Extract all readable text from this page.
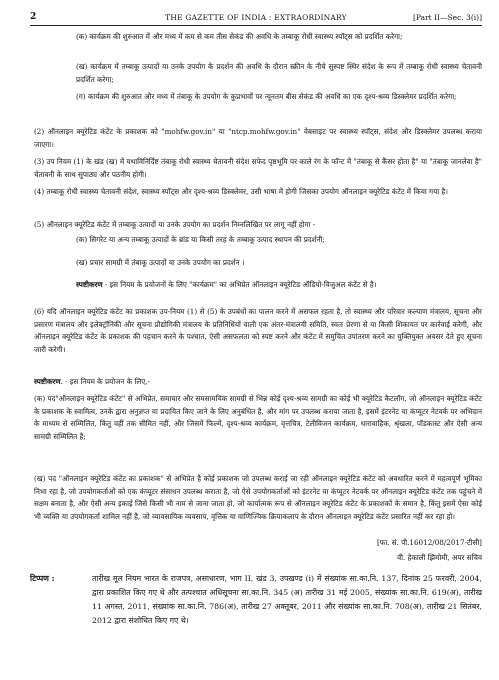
2	THE GAZETTE OF INDIA : EXTRAORDINARY	[Part II—Sec. 3(i)]

(क) कार्यक्रम की शुरुआत में और मध्य में कम से कम तीस सेकंड की अवधि के तम्बाकू रोधी स्वास्थ्य स्पॉट्स को प्रदर्शित करेगा;

(ख) कार्यक्रम में तम्बाकू उत्पादों या उनके उपयोग के प्रदर्शन की अवधि के दौरान स्क्रीन के नीचे सुस्पष्ट स्थिर संदेश के रूप में तम्बाकू रोधी स्वास्थ्य चेतावनी प्रदर्शित करेगा;

(ग) कार्यक्रम की शुरुआत और मध्य में तंबाकू के उपयोग के कुप्रभावों पर न्यूनतम बीस सेकंड की अवधि का एक दृश्य-श्रव्य डिस्क्लेमर प्रदर्शित करेगा;

(2) ऑनलाइन क्यूरेटिड कंटेंट के प्रकाशक को "mohfw.gov.in" या "ntcp.mohfw.gov.in" वेबसाइट पर स्वास्थ्य स्पॉट्स, संदेश और डिस्क्लेमर उपलब्ध कराया जाएगा।

(3) उप नियम (1) के खंड (ख) में यथाविनिर्दिष्ट तंबाकू रोधी स्वास्थ्य चेतावनी संदेश सफेद पृष्ठभूमि पर काले रंग के फॉन्ट में "तंबाकू से कैंसर होता है" या "तंबाकू जानलेवा है" चेतावनी के साथ सुपाठ्य और पठनीय होगी।

(4) तम्बाकू रोधी स्वास्थ्य चेतावनी संदेश, स्वास्थ्य स्पॉट्स और दृश्य-श्रव्य डिस्क्लेमर, उसी भाषा में होगी जिसका उपयोग ऑनलाइन क्यूरेटिड कंटेंट में किया गया है।

(5) ऑनलाइन क्यूरेटिड कंटेंट में तम्बाकू उत्पादों या उनके उपयोग का प्रदर्शन निम्नलिखित पर लागू नहीं होगा -

(क) सिगरेट या अन्य तम्बाकू उत्पादों के ब्रांड या किसी तरह के तम्बाकू उत्पाद स्थापन की प्रदर्शनी;

(ख) प्रचार सामग्री में तंबाकू उत्पादों या उनके उपयोग का प्रदर्शन ।

स्पष्टीकरण - इस नियम के प्रयोजनों के लिए "कार्यक्रम" का अभिप्रेत ऑनलाइन क्यूरेटिड ऑडियो-विजुअल कंटेंट से है।

(6) यदि ऑनलाइन क्यूरेटिड कंटेंट का प्रकाशक उप-नियम (1) से (5) के उपबंधों का पालन करने में असफल रहता है, तो स्वास्थ्य और परिवार कल्याण मंत्रालय, सूचना और प्रसारण मंत्रालय और इलेक्ट्रॉनिकी और सूचना प्रौद्योगिकी मंत्रालय के प्रतिनिधियों वाली एक अंतर-मंत्रालयी समिति, स्वतः प्रेरणा से या किसी शिकायत पर कार्रवाई करेगी, और ऑनलाइन क्यूरेटिड कंटेंट के प्रकाशक की पहचान करने के पश्चात, ऐसी असफलता को स्पष्ट करने और कंटेंट में समुचित उपांतरण करने का युक्तियुक्त अवसर देते हुए सूचना जारी करेगी।

स्पष्टीकरण. - इस नियम के प्रयोजन के लिए,-

(क) पद"ऑनलाइन क्यूरेटिड कंटेंट" से अभिप्रेत, समाचार और समसामयिक सामग्री से भिन्न कोई दृश्य-श्रव्य सामग्री का कोई भी क्यूरेटिड कैटलॉग, जो ऑनलाइन क्यूरेटिड कंटेंट के प्रकाशक के स्वामित्व, उनके द्वारा अनुज्ञप्त या प्रदायित किए जाने के लिए अनुबंधित है, और मांग पर उपलब्ध कराया जाता है, इसमें इंटरनेट या कंप्यूटर नेटवर्क पर अभिदान के माध्यम से सम्मिलित, किंतु वहीं तक सीमित नहीं, और जिसमें फिल्में, दृश्य-श्रव्य कार्यक्रम, वृत्तचित्र, टेलीविजन कार्यक्रम, धारावाहिक, श्रृंखला, पॉडकास्ट और ऐसी अन्य सामग्री सम्मिलित है;

(ख) पद "ऑनलाइन क्यूरेटिड कंटेंट का प्रकाशक" से अभिप्रेत है कोई प्रकाशक जो उपलब्ध कराई जा रही ऑनलाइन क्यूरेटिड कंटेंट को अवधारित करने में महत्वपूर्ण भूमिका निभा रहा है, जो उपयोगकर्ताओं को एक कंप्यूटर संसाधन उपलब्ध कराता है, जो ऐसे उपयोगकर्ताओं को इंटरनेट या कंप्यूटर नेटवर्क पर ऑनलाइन क्यूरेटिड कंटेंट तक पहुंचने में सक्षम बनाता है, और ऐसी अन्य इकाई जिसे किसी भी नाम से जाना जाता हो, जो कार्यात्मक रूप से ऑनलाइन क्यूरेटिड कंटेंट के प्रकाशकों के समान है, किंतु इसमें ऐसा कोई भी व्यक्ति या उपयोगकर्ता शामिल नहीं है, जो व्यावसायिक व्यवसाय, वृत्तिक या वाणिज्यिक क्रियाकलाप के दौरान ऑनलाइन क्यूरेटिड कंटेंट प्रसारित नहीं कर रहा हो।

[फा. सं. पी.16012/08/2017-टीसी]

वी. हेकाली झिमोमी, अपर सचिव

टिप्पण :	तारीख मूल नियम भारत के राजपत्र, असाधारण, भाग II, खंड 3, उपखण्ड (i) में संख्यांक सा.का.नि. 137, दिनांक 25 फरवरी, 2004, द्वारा प्रकाशित किए गए थे और तत्पश्चात अधिसूचना सा.का.नि. 345 (अ) तारीख 31 मई 2005, संख्यांक सा.का.नि. 619(अ), तारीख 11 अगस्त, 2011, संख्यांक सा.का.नि. 786(अ), तारीख 27 अक्तूबर, 2011 और संख्यांक सा.का.नि. 708(अ), तारीख 21 सितंबर, 2012 द्वारा संशोधित किए गए थे।
